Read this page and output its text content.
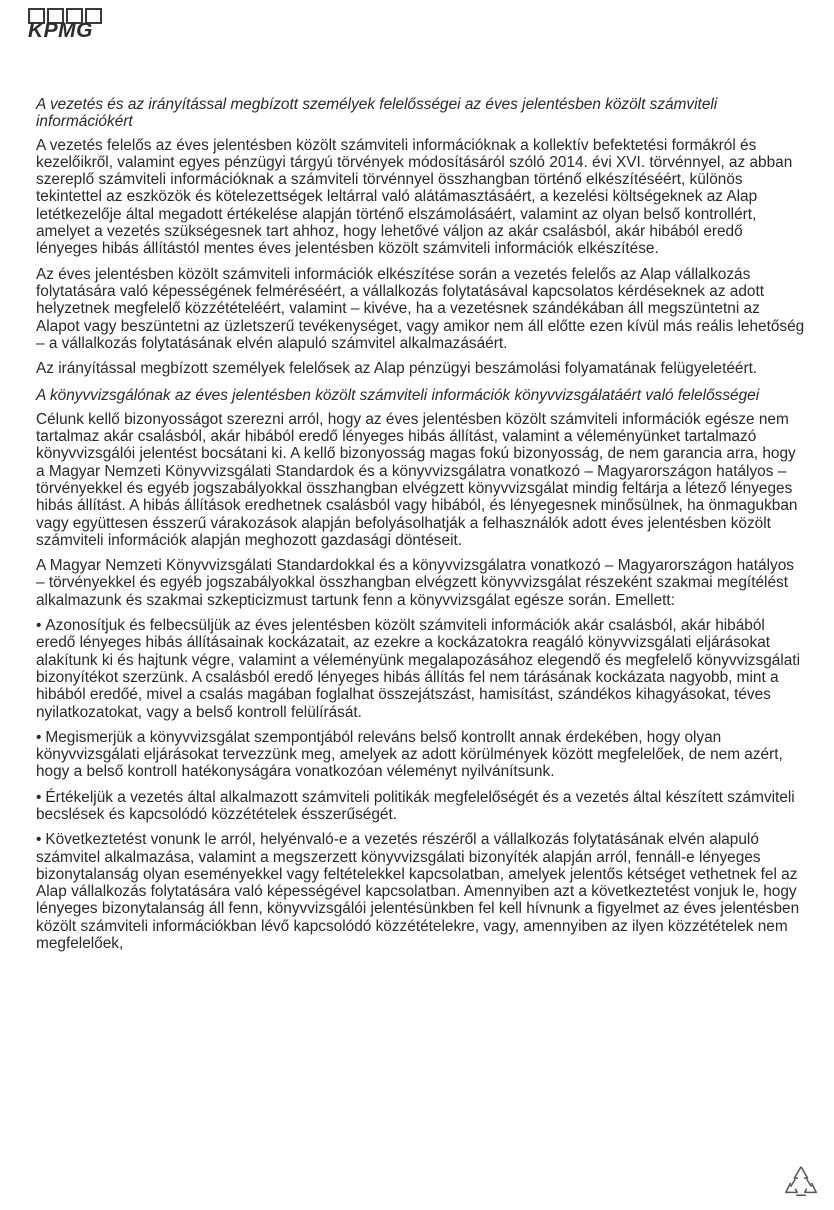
KPMG
A vezetés és az irányítással megbízott személyek felelősségei az éves jelentésben közölt számviteli információkért

A vezetés felelős az éves jelentésben közölt számviteli információknak a kollektív befektetési formákról és kezelőikről, valamint egyes pénzügyi tárgyú törvények módosításáról szóló 2014. évi XVI. törvénnyel, az abban szereplő számviteli információknak a számviteli törvénnyel összhangban történő elkészítéséért, különös tekintettel az eszközök és kötelezettségek leltárral való alátámasztásáért, a kezelési költségeknek az Alap letétkezelője által megadott értékelése alapján történő elszámolásáért, valamint az olyan belső kontrollért, amelyet a vezetés szükségesnek tart ahhoz, hogy lehetővé váljon az akár csalásból, akár hibából eredő lényeges hibás állítástól mentes éves jelentésben közölt számviteli információk elkészítése.

Az éves jelentésben közölt számviteli információk elkészítése során a vezetés felelős az Alap vállalkozás folytatására való képességének felméréséért, a vállalkozás folytatásával kapcsolatos kérdéseknek az adott helyzetnek megfelelő közzétételéért, valamint – kivéve, ha a vezetésnek szándékában áll megszüntetni az Alapot vagy beszüntetni az üzletszerű tevékenységet, vagy amikor nem áll előtte ezen kívül más reális lehetőség – a vállalkozás folytatásának elvén alapuló számvitel alkalmazásáért.

Az irányítással megbízott személyek felelősek az Alap pénzügyi beszámolási folyamatának felügyeletéért.

A könyvvizsgálónak az éves jelentésben közölt számviteli információk könyvvizsgálatáért való felelősségei

Célunk kellő bizonyosságot szerezni arról, hogy az éves jelentésben közölt számviteli információk egésze nem tartalmaz akár csalásból, akár hibából eredő lényeges hibás állítást, valamint a véleményünket tartalmazó könyvvizsgálói jelentést bocsátani ki. A kellő bizonyosság magas fokú bizonyosság, de nem garancia arra, hogy a Magyar Nemzeti Könyvvizsgálati Standardok és a könyvvizsgálatra vonatkozó – Magyarországon hatályos – törvényekkel és egyéb jogszabályokkal összhangban elvégzett könyvvizsgálat mindig feltárja a létező lényeges hibás állítást. A hibás állítások eredhetnek csalásból vagy hibából, és lényegesnek minősülnek, ha önmagukban vagy együttesen ésszerű várakozások alapján befolyásolhatják a felhasználók adott éves jelentésben közölt számviteli információk alapján meghozott gazdasági döntéseit.

A Magyar Nemzeti Könyvvizsgálati Standardokkal és a könyvvizsgálatra vonatkozó – Magyarországon hatályos – törvényekkel és egyéb jogszabályokkal összhangban elvégzett könyvvizsgálat részeként szakmai megítélést alkalmazunk és szakmai szkepticizmust tartunk fenn a könyvvizsgálat egésze során. Emellett:

• Azonosítjuk és felbecsüljük az éves jelentésben közölt számviteli információk akár csalásból, akár hibából eredő lényeges hibás állításainak kockázatait, az ezekre a kockázatokra reagáló könyvvizsgálati eljárásokat alakítunk ki és hajtunk végre, valamint a véleményünk megalapozásához elegendő és megfelelő könyvvizsgálati bizonyítékot szerzünk. A csalásból eredő lényeges hibás állítás fel nem tárásának kockázata nagyobb, mint a hibából eredőé, mivel a csalás magában foglalhat összejátszást, hamisítást, szándékos kihagyásokat, téves nyilatkozatokat, vagy a belső kontroll felülírását.

• Megismerjük a könyvvizsgálat szempontjából releváns belső kontrollt annak érdekében, hogy olyan könyvvizsgálati eljárásokat tervezzünk meg, amelyek az adott körülmények között megfelelőek, de nem azért, hogy a belső kontroll hatékonyságára vonatkozóan véleményt nyilvánítsunk.

• Értékeljük a vezetés által alkalmazott számviteli politikák megfelelőségét és a vezetés által készített számviteli becslések és kapcsolódó közzétételek ésszerűségét.

• Következtetést vonunk le arról, helyénvaló-e a vezetés részéről a vállalkozás folytatásának elvén alapuló számvitel alkalmazása, valamint a megszerzett könyvvizsgálati bizonyíték alapján arról, fennáll-e lényeges bizonytalanság olyan eseményekkel vagy feltételekkel kapcsolatban, amelyek jelentős kétséget vethetnek fel az Alap vállalkozás folytatására való képességével kapcsolatban. Amennyiben azt a következtetést vonjuk le, hogy lényeges bizonytalanság áll fenn, könyvvizsgálói jelentésünkben fel kell hívnunk a figyelmet az éves jelentésben közölt számviteli információkban lévő kapcsolódó közzétételekre, vagy, amennyiben az ilyen közzétételek nem megfelelőek,
